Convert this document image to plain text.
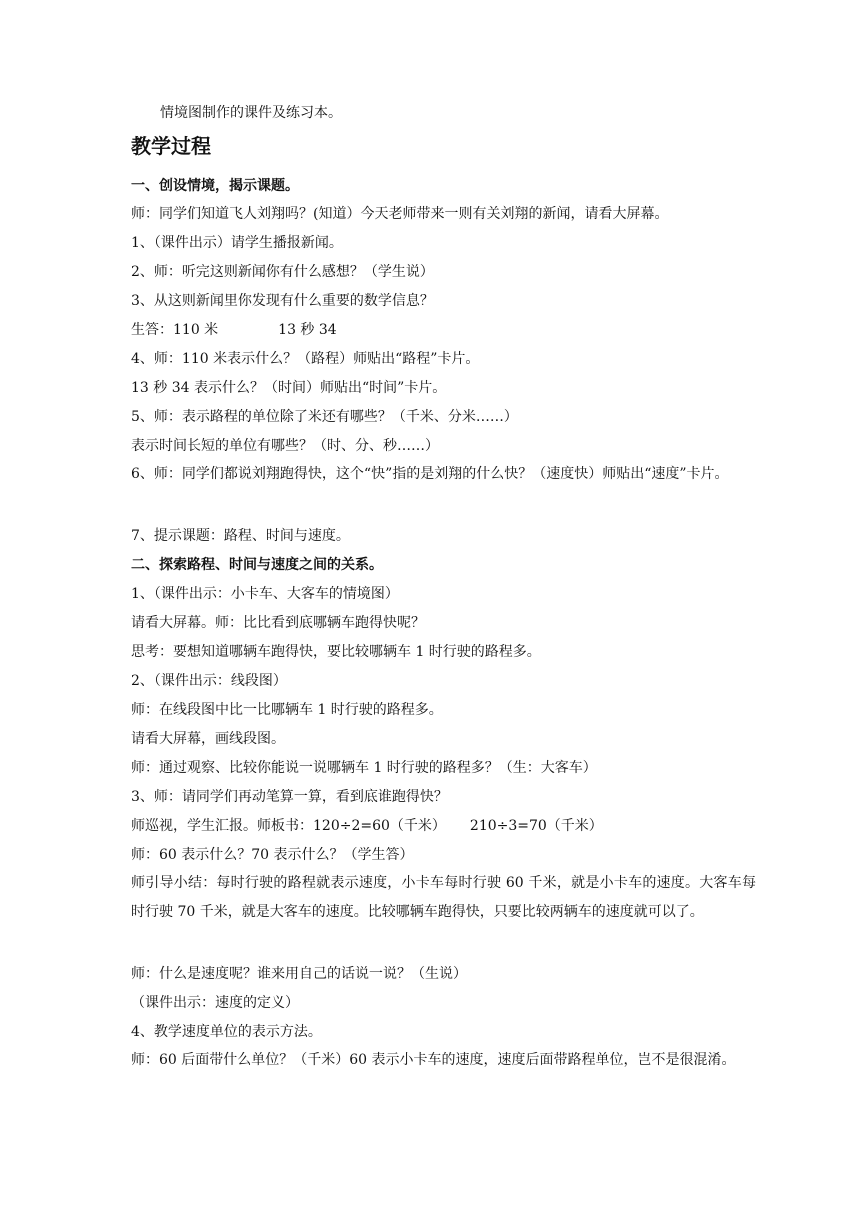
情境图制作的课件及练习本。
教学过程
一、创设情境，揭示课题。
师：同学们知道飞人刘翔吗？(知道）今天老师带来一则有关刘翔的新闻，请看大屏幕。
1、（课件出示）请学生播报新闻。
2、师：听完这则新闻你有什么感想？（学生说）
3、从这则新闻里你发现有什么重要的数学信息？
生答：110 米	13 秒 34
4、师：110 米表示什么？（路程）师贴出“路程”卡片。
13 秒 34 表示什么？（时间）师贴出“时间”卡片。
5、师：表示路程的单位除了米还有哪些？（千米、分米……）
表示时间长短的单位有哪些？（时、分、秒……）
6、师：同学们都说刘翔跑得快，这个“快”指的是刘翔的什么快？（速度快）师贴出“速度”卡片。
7、提示课题：路程、时间与速度。
二、探索路程、时间与速度之间的关系。
1、（课件出示：小卡车、大客车的情境图）
请看大屏幕。师：比比看到底哪辆车跑得快呢？
思考：要想知道哪辆车跑得快，要比较哪辆车 1 时行驶的路程多。
2、（课件出示：线段图）
师：在线段图中比一比哪辆车 1 时行驶的路程多。
请看大屏幕，画线段图。
师：通过观察、比较你能说一说哪辆车 1 时行驶的路程多？（生：大客车）
3、师：请同学们再动笔算一算，看到底谁跑得快？
师巡视，学生汇报。师板书：120÷2=60（千米） 210÷3=70（千米）
师：60 表示什么？70 表示什么？（学生答）
师引导小结：每时行驶的路程就表示速度，小卡车每时行驶 60 千米，就是小卡车的速度。大客车每时行驶 70 千米，就是大客车的速度。比较哪辆车跑得快，只要比较两辆车的速度就可以了。
师：什么是速度呢？谁来用自己的话说一说？（生说）
（课件出示：速度的定义）
4、教学速度单位的表示方法。
师：60 后面带什么单位？（千米）60 表示小卡车的速度，速度后面带路程单位，岂不是很混淆。
